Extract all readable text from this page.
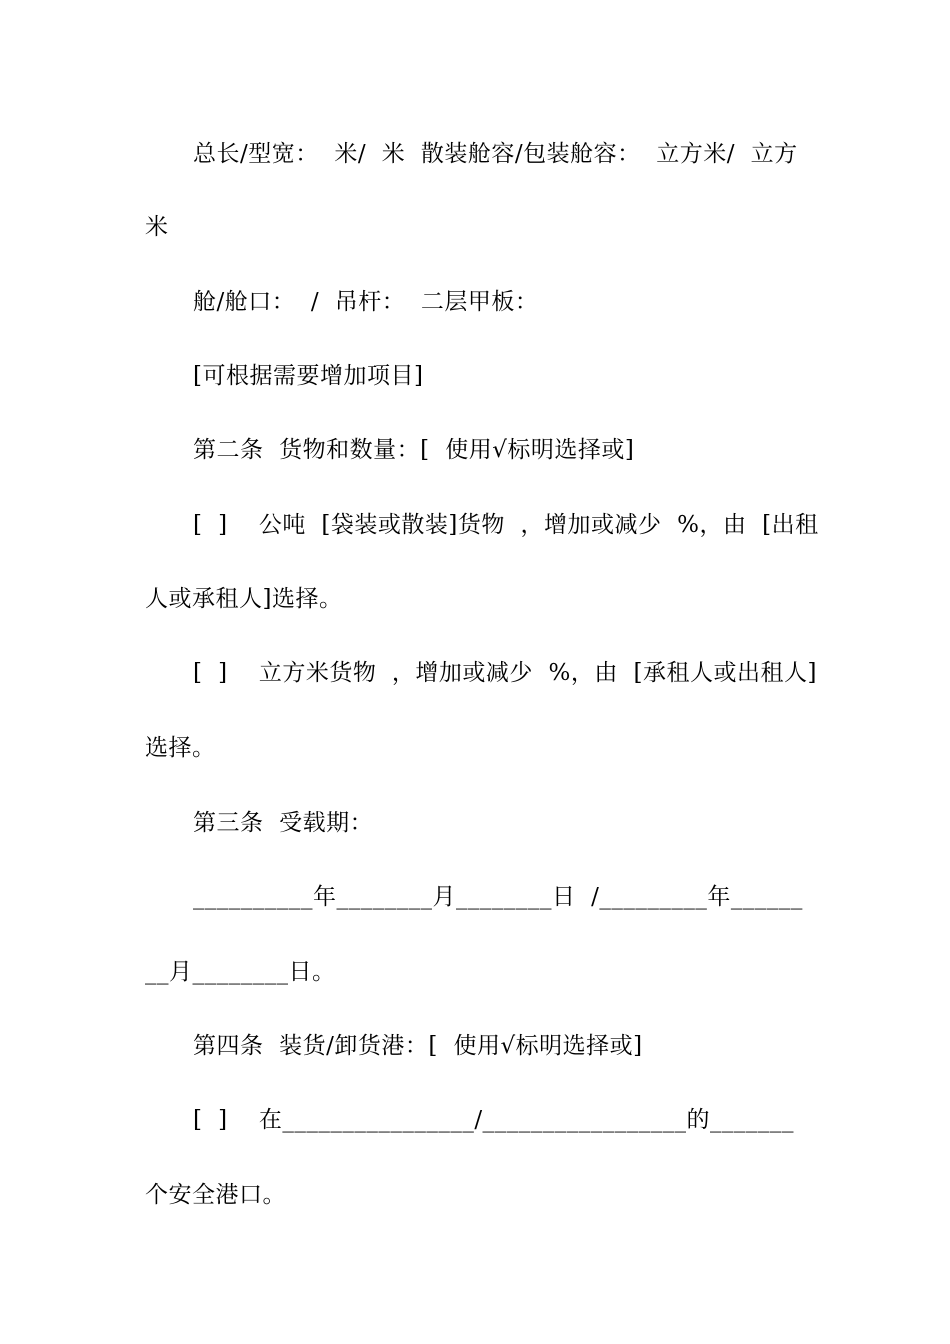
总长/型宽：  米/  米  散装舱容/包装舱容：  立方米/  立方
米
舱/舱口：  /  吊杆：  二层甲板：
[可根据需要增加项目]
第二条  货物和数量：[  使用√标明选择或]
[  ]    公吨  [袋装或散装]货物  ，增加或减少  %，由  [出租
人或承租人]选择。
[  ]    立方米货物  ，增加或减少  %，由  [承租人或出租人]
选择。
第三条  受载期：
__________年________月________日  /_________年______
__月________日。
第四条  装货/卸货港：[  使用√标明选择或]
[  ]    在________________/_________________的_______
个安全港口。
